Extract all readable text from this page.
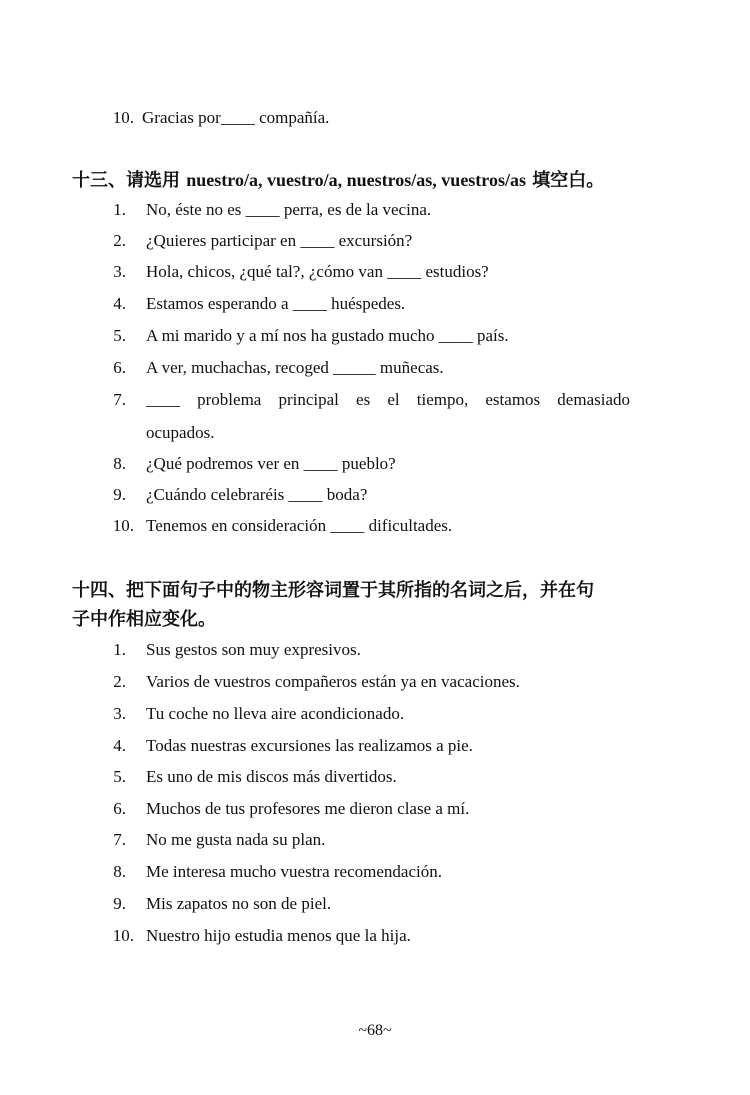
10. Gracias por____ compañía.
十三、请选用 nuestro/a, vuestro/a, nuestros/as, vuestros/as 填空白。
1. No, éste no es ____ perra, es de la vecina.
2. ¿Quieres participar en ____ excursión?
3. Hola, chicos, ¿qué tal?, ¿cómo van ____ estudios?
4. Estamos esperando a ____ huéspedes.
5. A mi marido y a mí nos ha gustado mucho ____ país.
6. A ver, muchachas, recoged _____ muñecas.
7. ____ problema principal es el tiempo, estamos demasiado
ocupados.
8. ¿Qué podremos ver en ____ pueblo?
9. ¿Cuándo celebraréis ____ boda?
10. Tenemos en consideración ____ dificultades.
十四、把下面句子中的物主形容词置于其所指的名词之后，并在句
子中作相应变化。
1. Sus gestos son muy expresivos.
2. Varios de vuestros compañeros están ya en vacaciones.
3. Tu coche no lleva aire acondicionado.
4. Todas nuestras excursiones las realizamos a pie.
5. Es uno de mis discos más divertidos.
6. Muchos de tus profesores me dieron clase a mí.
7. No me gusta nada su plan.
8. Me interesa mucho vuestra recomendación.
9. Mis zapatos no son de piel.
10. Nuestro hijo estudia menos que la hija.
~68~
